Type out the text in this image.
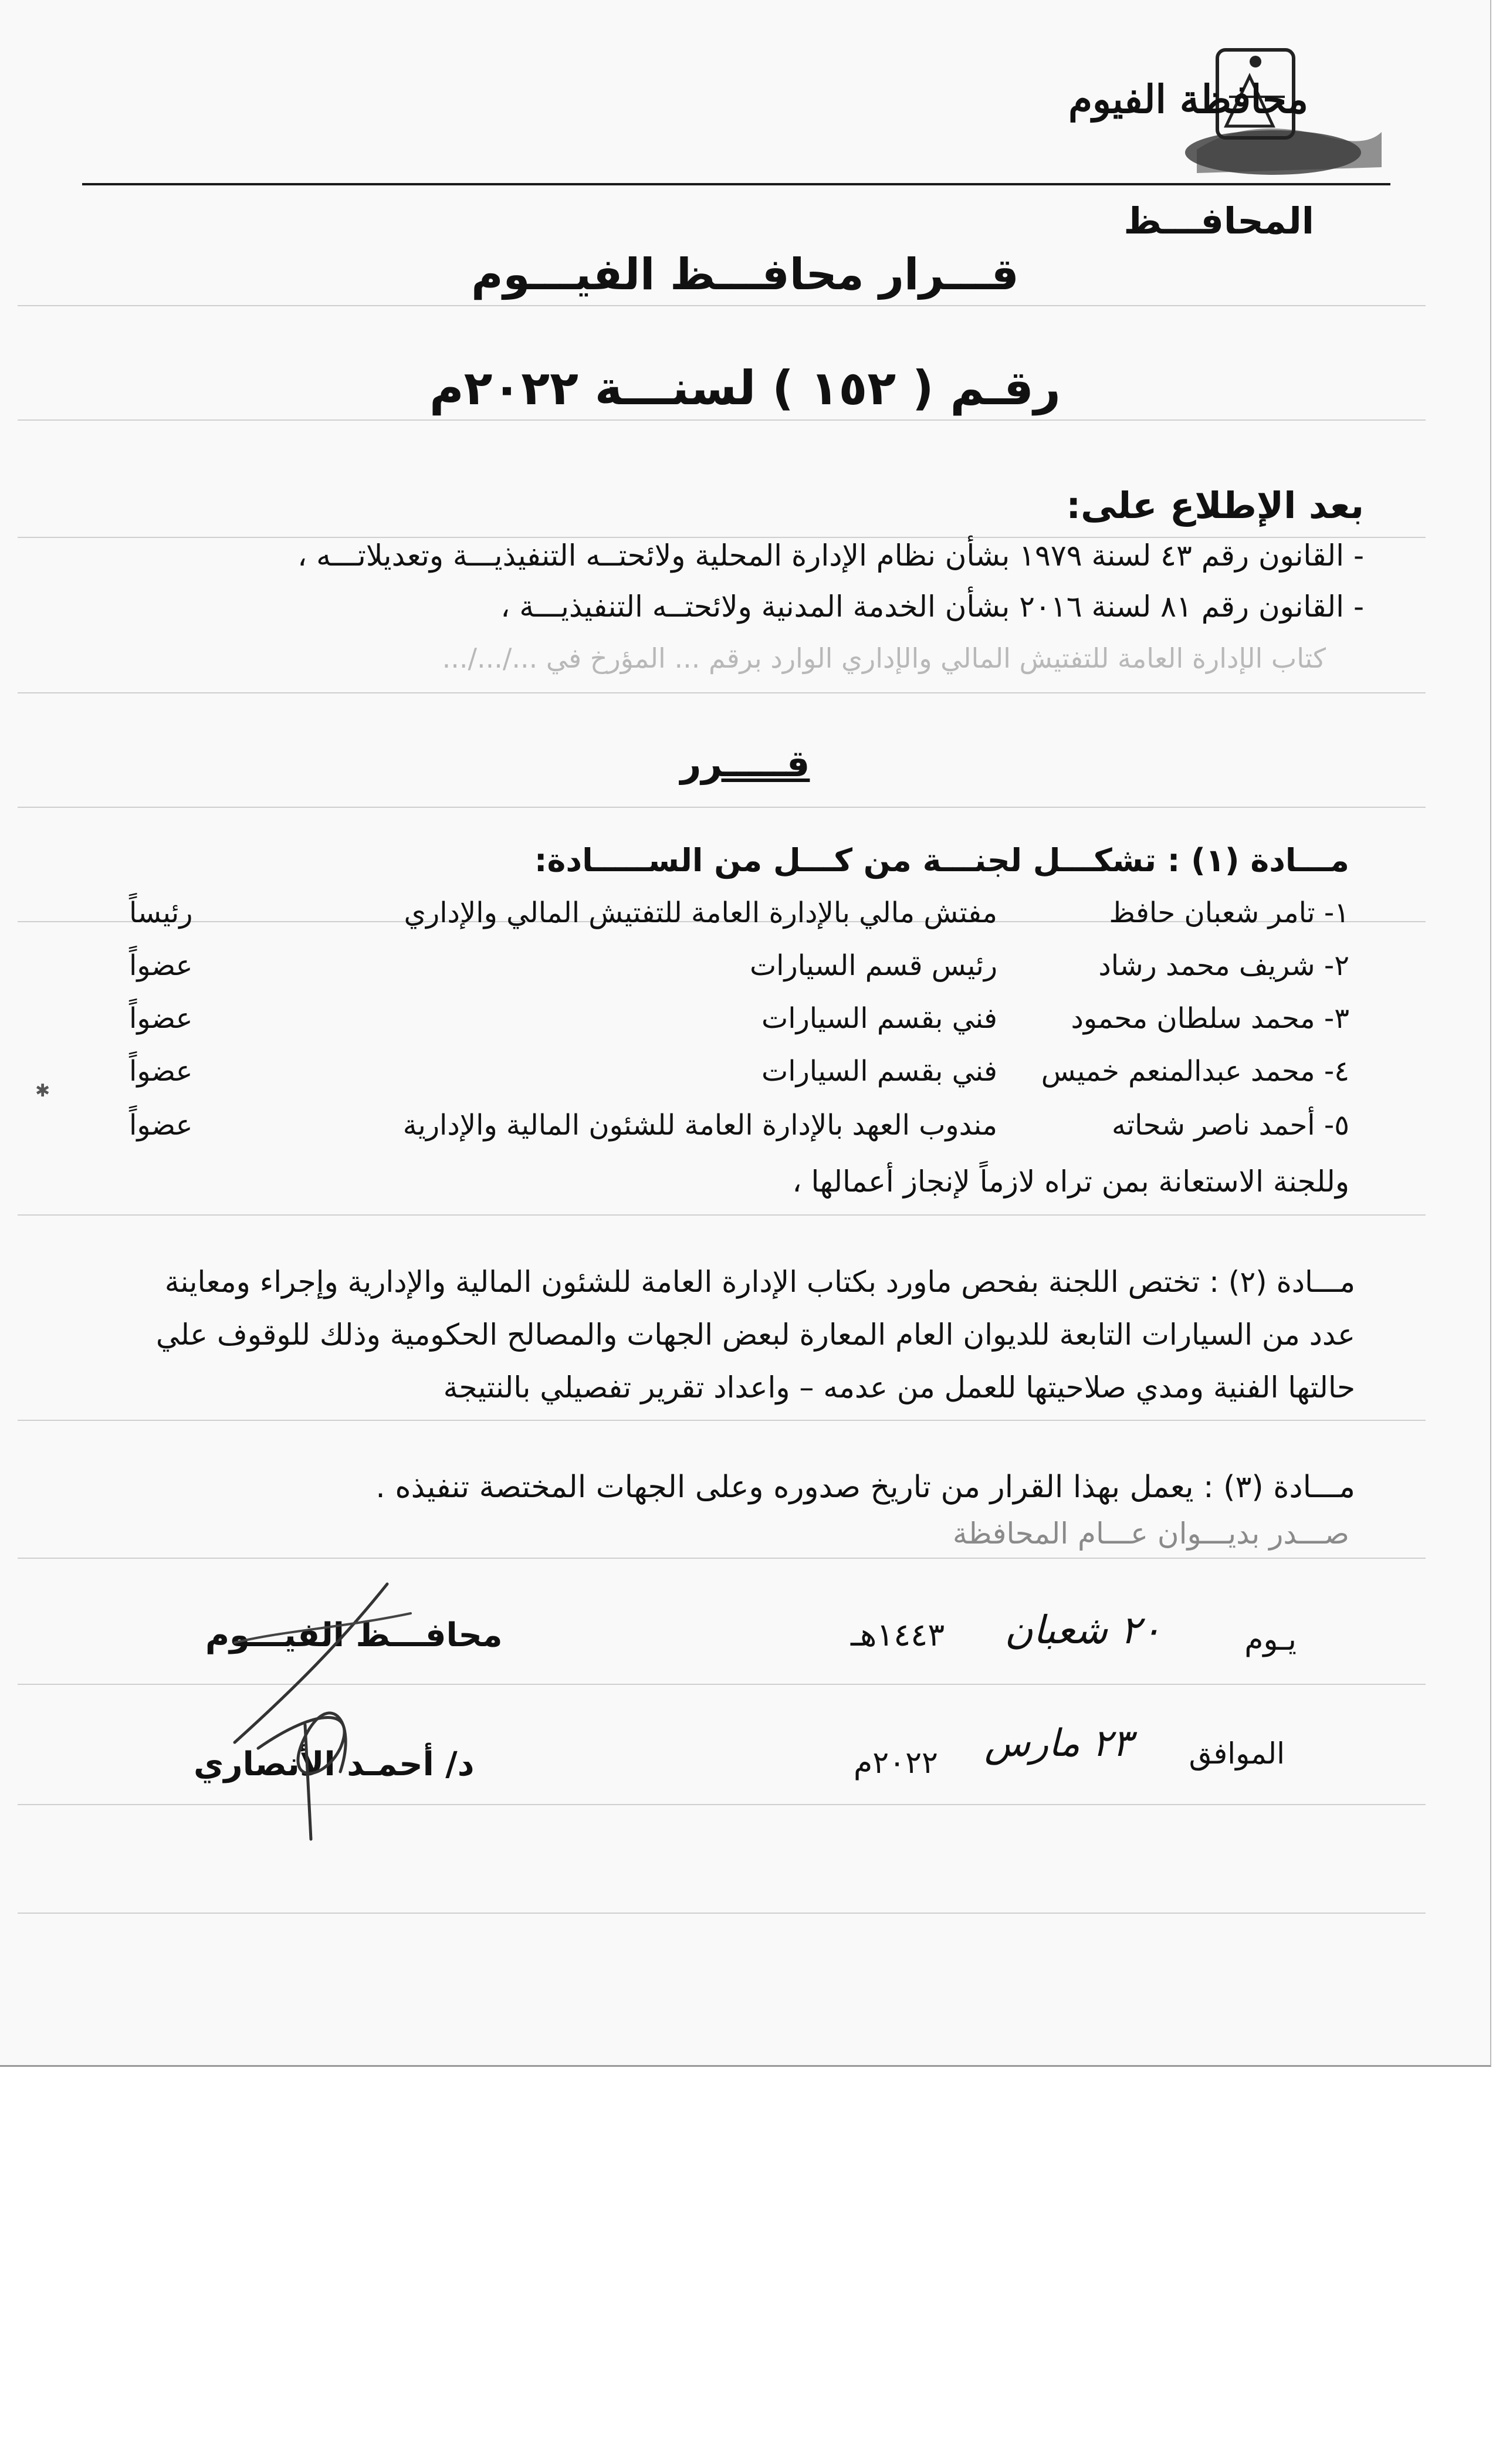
محافظة الفيوم
المحافـــظ
قـــرار محافـــظ الفيـــوم
رقـم ( ١٥٢ ) لسنـــة ٢٠٢٢م
بعد الإطلاع على:
- القانون رقم ٤٣ لسنة ١٩٧٩ بشأن نظام الإدارة المحلية ولائحتــه التنفيذيـــة وتعديلاتـــه ،
- القانون رقم ٨١ لسنة ٢٠١٦ بشأن الخدمة المدنية ولائحتــه التنفيذيـــة ،
كتاب الإدارة العامة للتفتيش المالي والإداري الوارد برقم ... المؤرخ في .../.../...
قـــــرر
مـــادة (١) : تشكـــل لجنـــة من كـــل من الســـــادة:
١- تامر شعبان حافظ
مفتش مالي بالإدارة العامة للتفتيش المالي والإداري
رئيساً
٢- شريف محمد رشاد
رئيس قسم السيارات
عضواً
٣- محمد سلطان محمود
فني بقسم السيارات
عضواً
٤- محمد عبدالمنعم خميس
فني بقسم السيارات
عضواً
٥- أحمد ناصر شحاته
مندوب العهد بالإدارة العامة للشئون المالية والإدارية
عضواً
وللجنة الاستعانة بمن تراه لازماً لإنجاز أعمالها ،
✱
مـــادة (٢) : تختص اللجنة بفحص ماورد بكتاب الإدارة العامة للشئون المالية والإدارية وإجراء ومعاينة عدد من السيارات التابعة للديوان العام المعارة لبعض الجهات والمصالح الحكومية وذلك للوقوف علي حالتها الفنية ومدي صلاحيتها للعمل من عدمه – واعداد تقرير تفصيلي بالنتيجة
مـــادة (٣) : يعمل بهذا القرار من تاريخ صدوره وعلى الجهات المختصة تنفيذه .
صـــدر بديـــوان عـــام المحافظة
يـوم
٢٠ شعبان
١٤٤٣هـ
الموافق
٢٣ مارس
٢٠٢٢م
محافـــظ الفيـــوم
د/ أحمـد الأنصاري
